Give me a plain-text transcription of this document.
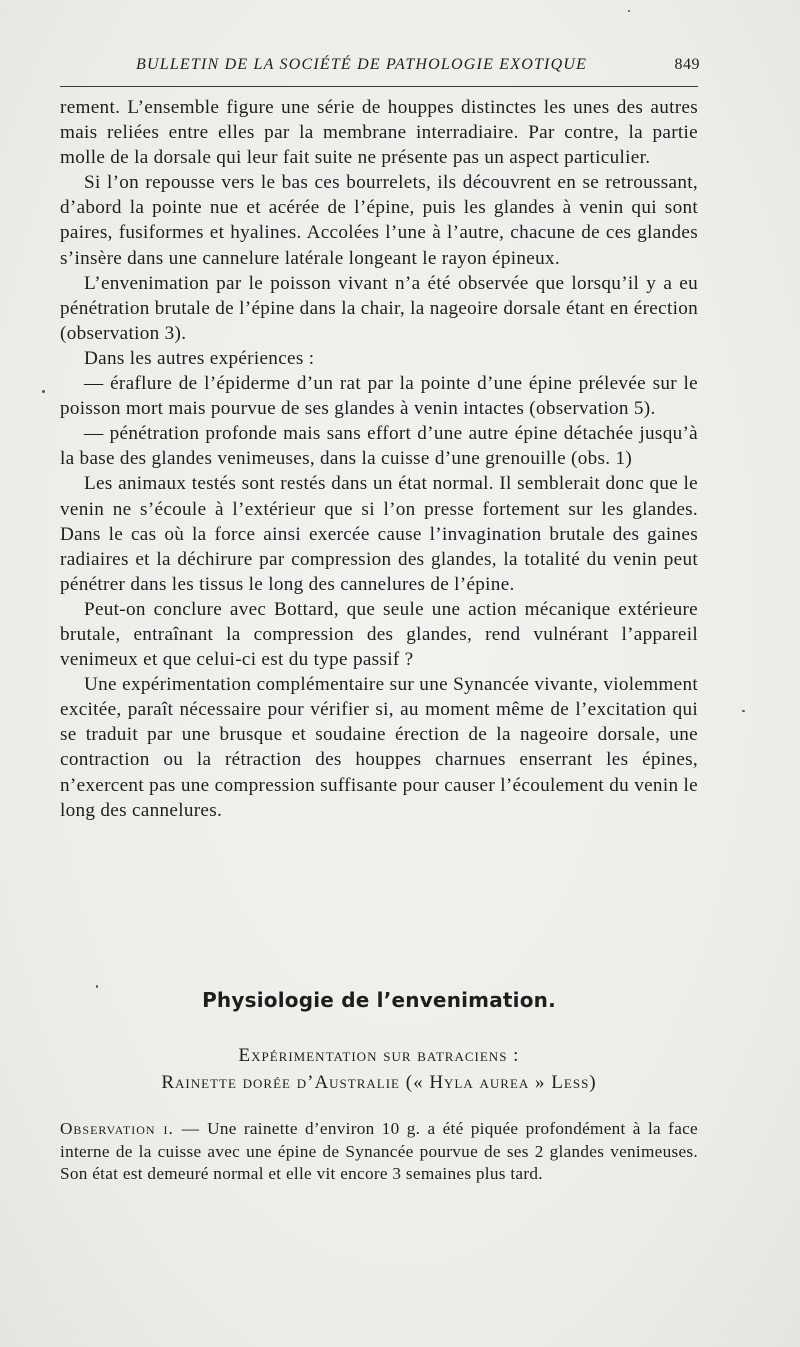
BULLETIN DE LA SOCIÉTÉ DE PATHOLOGIE EXOTIQUE	849

rement. L’ensemble figure une série de houppes distinctes les unes des autres mais reliées entre elles par la membrane interradiaire. Par contre, la partie molle de la dorsale qui leur fait suite ne présente pas un aspect particulier.

Si l’on repousse vers le bas ces bourrelets, ils découvrent en se retroussant, d’abord la pointe nue et acérée de l’épine, puis les glandes à venin qui sont paires, fusiformes et hyalines. Accolées l’une à l’autre, chacune de ces glandes s’insère dans une cannelure latérale longeant le rayon épineux.

L’envenimation par le poisson vivant n’a été observée que lorsqu’il y a eu pénétration brutale de l’épine dans la chair, la nageoire dorsale étant en érection (observation 3).

Dans les autres expériences :

— éraflure de l’épiderme d’un rat par la pointe d’une épine prélevée sur le poisson mort mais pourvue de ses glandes à venin intactes (observation 5).

— pénétration profonde mais sans effort d’une autre épine détachée jusqu’à la base des glandes venimeuses, dans la cuisse d’une grenouille (obs. 1)

Les animaux testés sont restés dans un état normal. Il semblerait donc que le venin ne s’écoule à l’extérieur que si l’on presse fortement sur les glandes. Dans le cas où la force ainsi exercée cause l’invagination brutale des gaines radiaires et la déchirure par compression des glandes, la totalité du venin peut pénétrer dans les tissus le long des cannelures de l’épine.

Peut-on conclure avec Bottard, que seule une action mécanique extérieure brutale, entraînant la compression des glandes, rend vulnérant l’appareil venimeux et que celui-ci est du type passif ?

Une expérimentation complémentaire sur une Synancée vivante, violemment excitée, paraît nécessaire pour vérifier si, au moment même de l’excitation qui se traduit par une brusque et soudaine érection de la nageoire dorsale, une contraction ou la rétraction des houppes charnues enserrant les épines, n’exercent pas une compression suffisante pour causer l’écoulement du venin le long des cannelures.

Physiologie de l’envenimation.
Expérimentation sur batraciens :
Rainette dorée d’Australie (« Hyla aurea » Less)

Observation i. — Une rainette d’environ 10 g. a été piquée profondément à la face interne de la cuisse avec une épine de Synancée pourvue de ses 2 glandes venimeuses. Son état est demeuré normal et elle vit encore 3 semaines plus tard.
